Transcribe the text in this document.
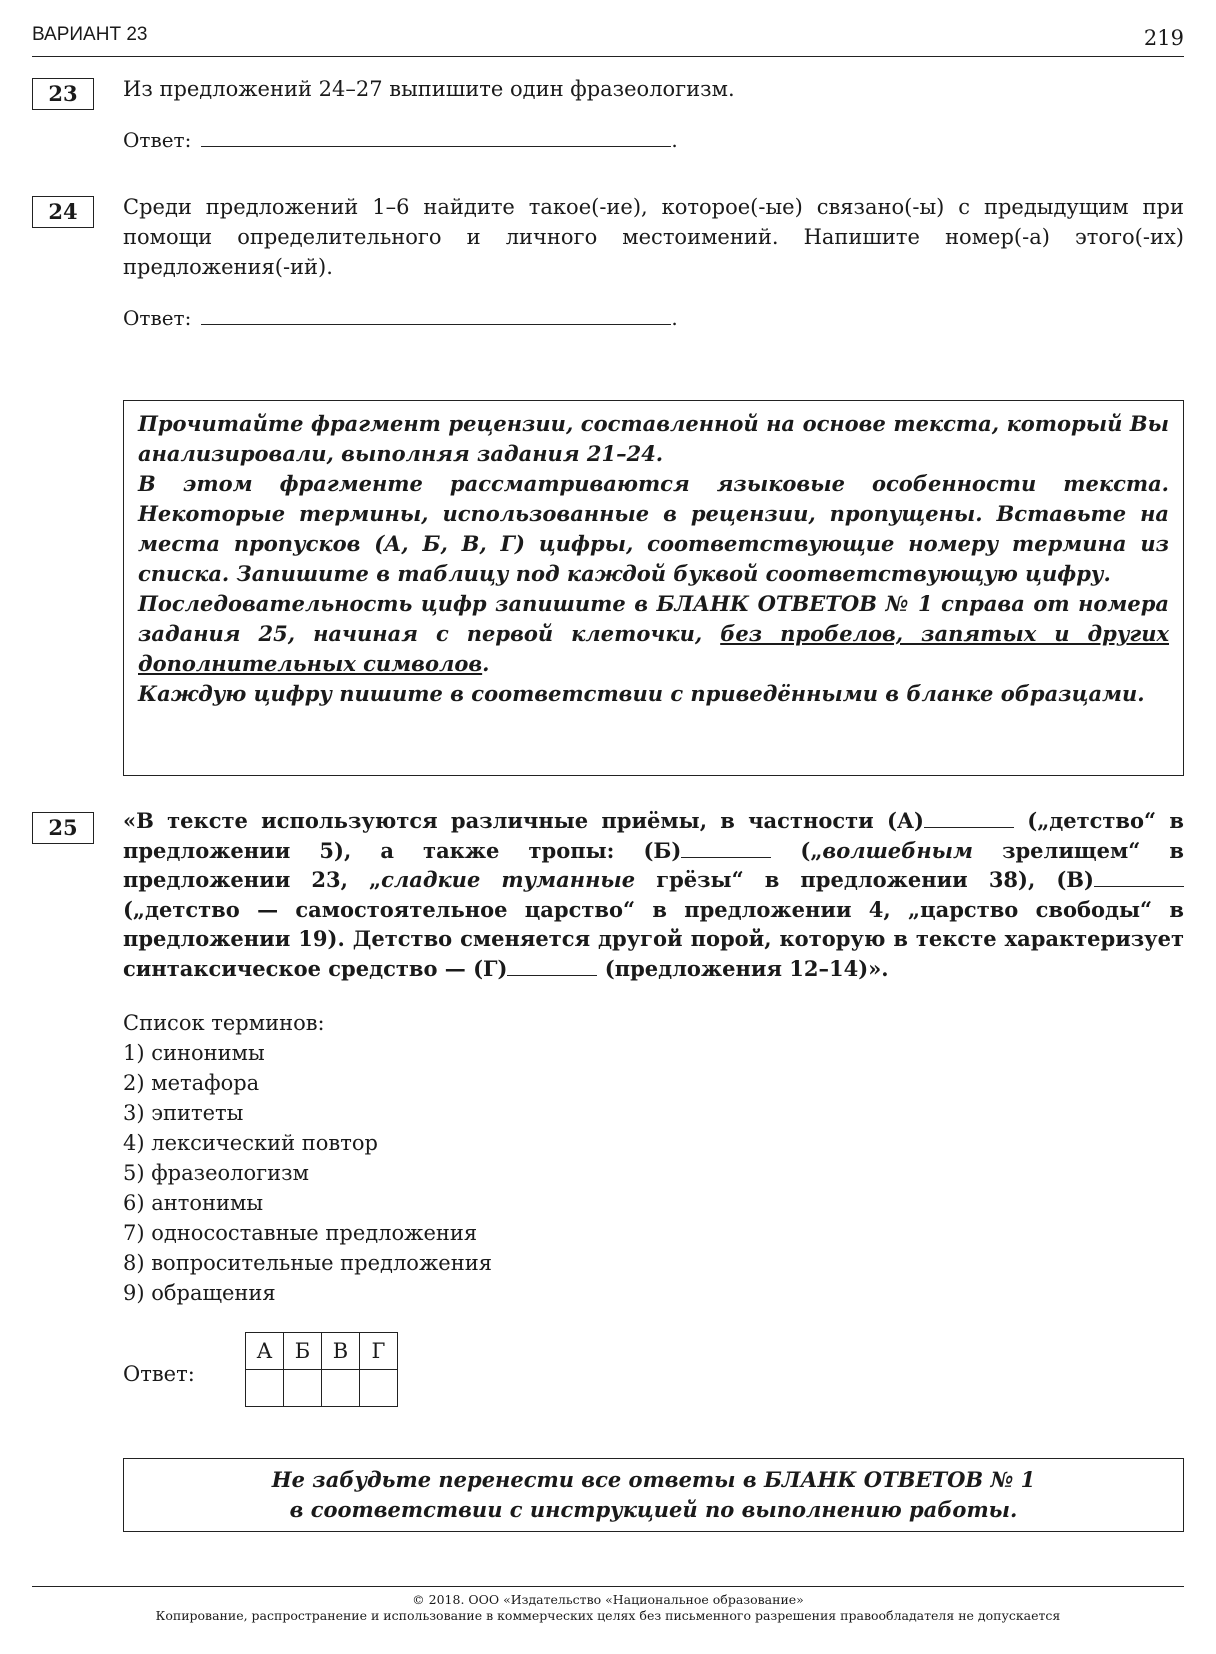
ВАРИАНТ 23	219
23	Из предложений 24–27 выпишите один фразеологизм.
Ответ:	.
24	Среди предложений 1–6 найдите такое(-ие), которое(-ые) связано(-ы) с предыдущим при помощи определительного и личного местоимений. Напишите номер(-а) этого(-их) предложения(-ий).
Ответ:	.

Прочитайте фрагмент рецензии, составленной на основе текста, который Вы анализировали, выполняя задания 21–24.

В этом фрагменте рассматриваются языковые особенности текста. Некоторые термины, использованные в рецензии, пропущены. Вставьте на места пропусков (А, Б, В, Г) цифры, соответствующие номеру термина из списка. Запишите в таблицу под каждой буквой соответствующую цифру.

Последовательность цифр запишите в БЛАНК ОТВЕТОВ № 1 справа от номера задания 25, начиная с первой клеточки, без пробелов, запятых и других дополнительных символов.

Каждую цифру пишите в соответствии с приведёнными в бланке образцами.

25	«В тексте используются различные приёмы, в частности (А)	(„детство“ в предложении 5), а также тропы: (Б)	(„волшебным зрелищем“ в предложении 23, „сладкие туманные грёзы“ в предложении 38), (В) („детство — самостоятельное царство“ в предложении 4, „царство свободы“ в предложении 19). Детство сменяется другой порой, которую в тексте характеризует синтаксическое средство — (Г)	(предложения 12–14)».
Список терминов:
1) синонимы
2) метафора
3) эпитеты
4) лексический повтор
5) фразеологизм
6) антонимы
7) односоставные предложения
8) вопросительные предложения
9) обращения
Ответ:
А	Б	В	Г

Не забудьте перенести все ответы в БЛАНК ОТВЕТОВ № 1
в соответствии с инструкцией по выполнению работы.
© 2018. ООО «Издательство «Национальное образование»
Копирование, распространение и использование в коммерческих целях без письменного разрешения правообладателя не допускается
